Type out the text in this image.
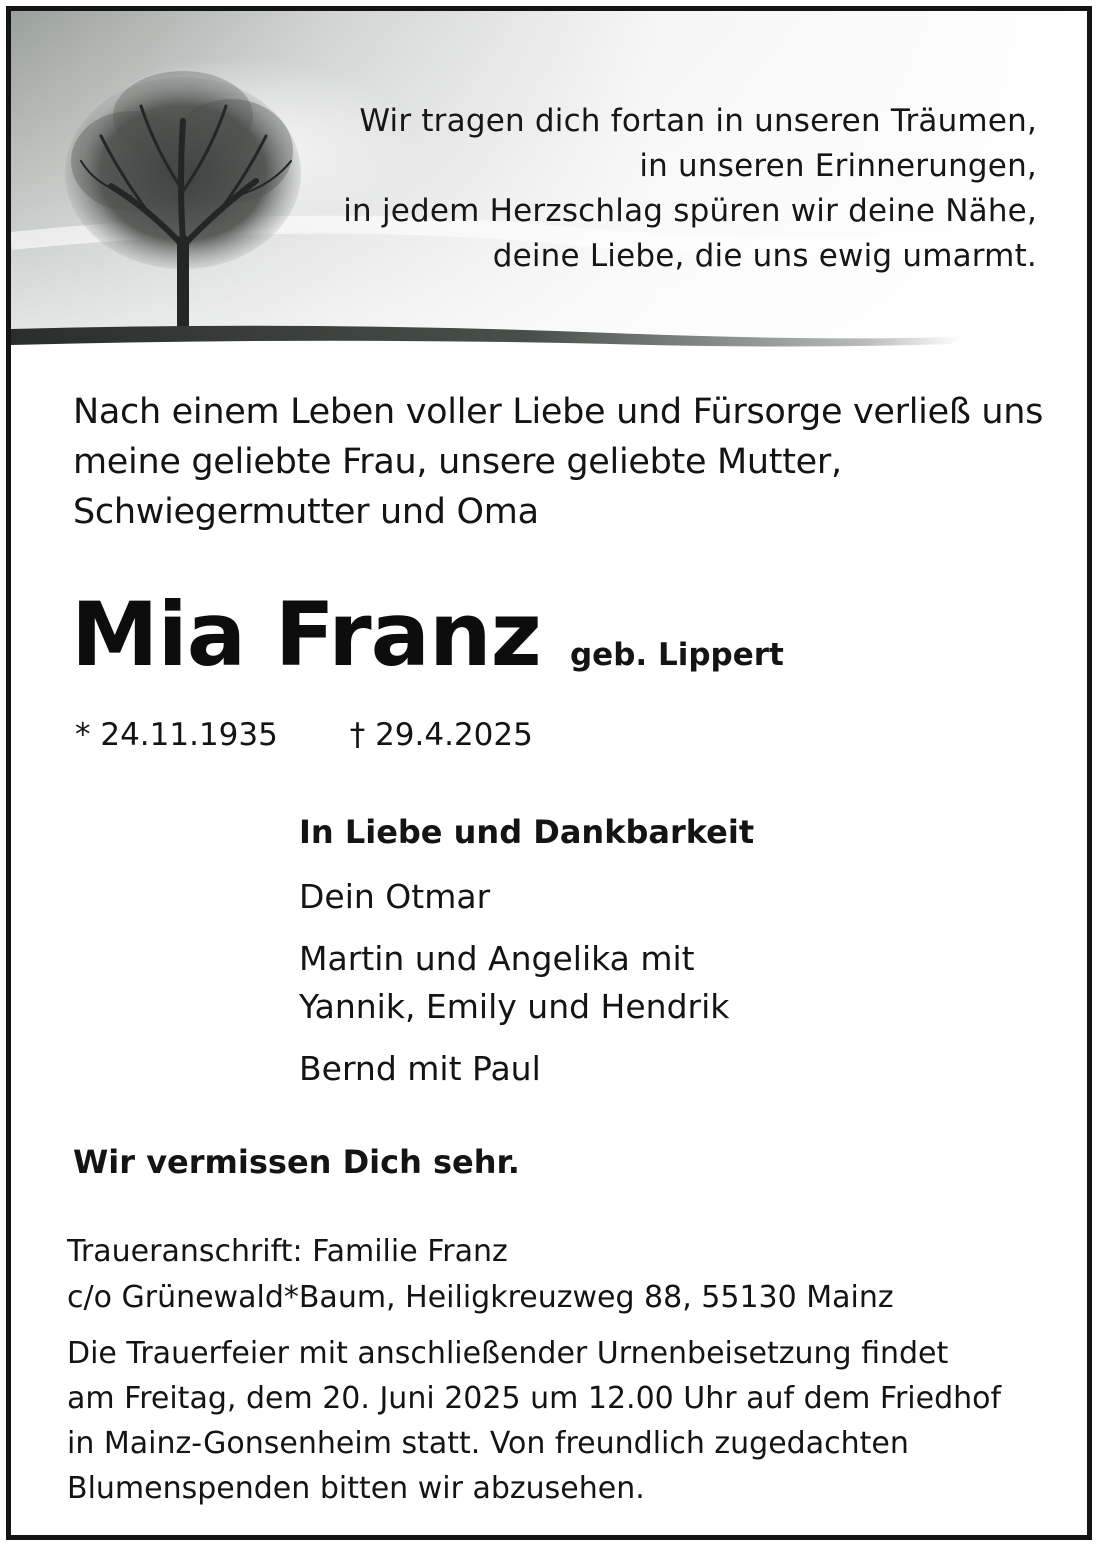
Wir tragen dich fortan in unseren Träumen,
in unseren Erinnerungen,
in jedem Herzschlag spüren wir deine Nähe,
deine Liebe, die uns ewig umarmt.
Nach einem Leben voller Liebe und Fürsorge verließ uns
meine geliebte Frau, unsere geliebte Mutter,
Schwiegermutter und Oma
Mia Franz geb. Lippert
* 24.11.1935 † 29.4.2025
In Liebe und Dankbarkeit
Dein Otmar
Martin und Angelika mit
Yannik, Emily und Hendrik
Bernd mit Paul
Wir vermissen Dich sehr.
Traueranschrift: Familie Franz
c/o Grünewald*Baum, Heiligkreuzweg 88, 55130 Mainz
Die Trauerfeier mit anschließender Urnenbeisetzung findet
am Freitag, dem 20. Juni 2025 um 12.00 Uhr auf dem Friedhof
in Mainz-Gonsenheim statt. Von freundlich zugedachten
Blumenspenden bitten wir abzusehen.
